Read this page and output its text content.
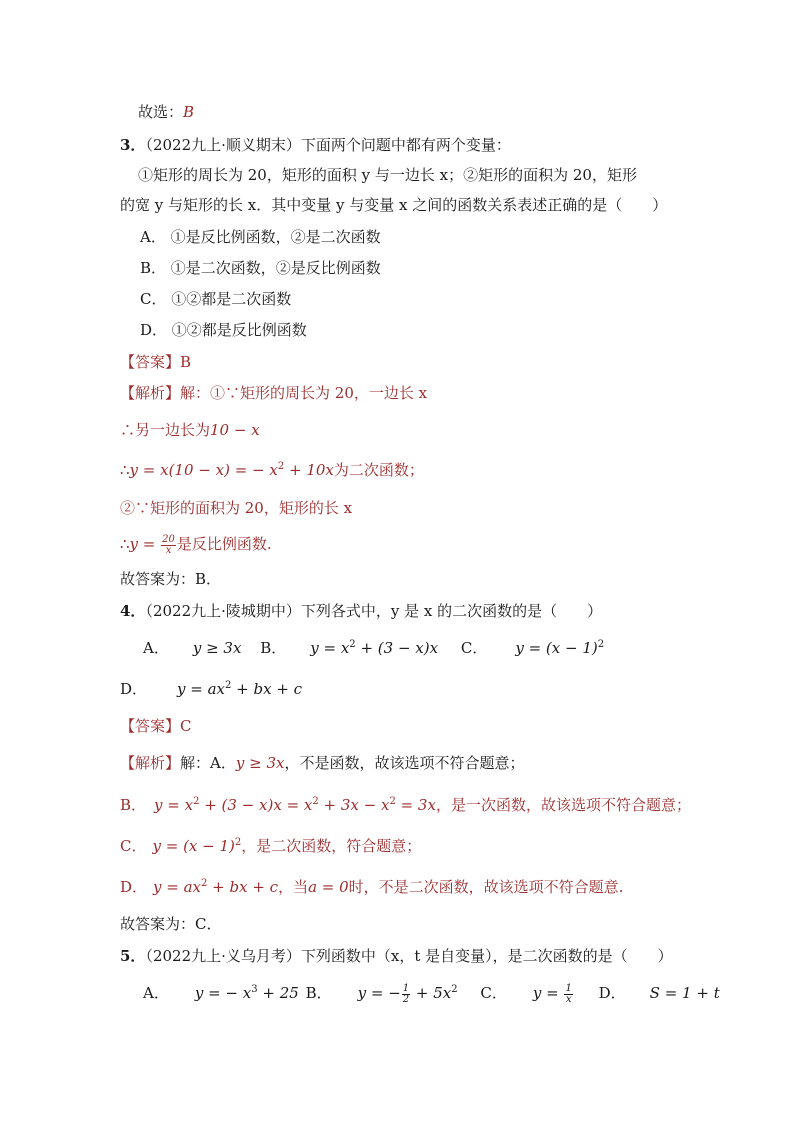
故选：B
3．（2022九上·顺义期末）下面两个问题中都有两个变量：
①矩形的周长为 20，矩形的面积 y 与一边长 x；②矩形的面积为 20，矩形
的宽 y 与矩形的长 x．其中变量 y 与变量 x 之间的函数关系表述正确的是（　　）
A． ①是反比例函数，②是二次函数
B． ①是二次函数，②是反比例函数
C． ①②都是二次函数
D． ①②都是反比例函数
【答案】B
【解析】解：①∵矩形的周长为 20，一边长 x
∴另一边长为10 − x
∴y = x(10 − x) = − $x^2 + 10x$为二次函数；
②∵矩形的面积为 20，矩形的长 x
∴y = $\frac{20}{x}$ 是反比例函数.
故答案为：B．
4．（2022九上·陵城期中）下列各式中，y 是 x 的二次函数的是（　　）
A． y ≥ 3x B． $y = x^2 + (3 - x)x$ C． $y = (x - 1)^2$
D． $y = ax^2$ + bx + c
【答案】C
【解析】解：A．y ≥ 3x，不是函数，故该选项不符合题意；
B． $y = x^2 + (3 - x)x = x^2 + 3x - x^2 = 3x$，是一次函数，故该选项不符合题意；
C． $y = (x - 1)^2$，是二次函数，符合题意；
D． $y = ax^2$ + bx + c，当a = 0时，不是二次函数，故该选项不符合题意.
故答案为：C．
5．（2022九上·义乌月考）下列函数中（x，t 是自变量），是二次函数的是（　　）
A． y = − $x^3 + 25$ B． y = − $\frac{1}{2} + 5x^2$ C． $y = \frac{1}{x}$ D． S = 1 + t
